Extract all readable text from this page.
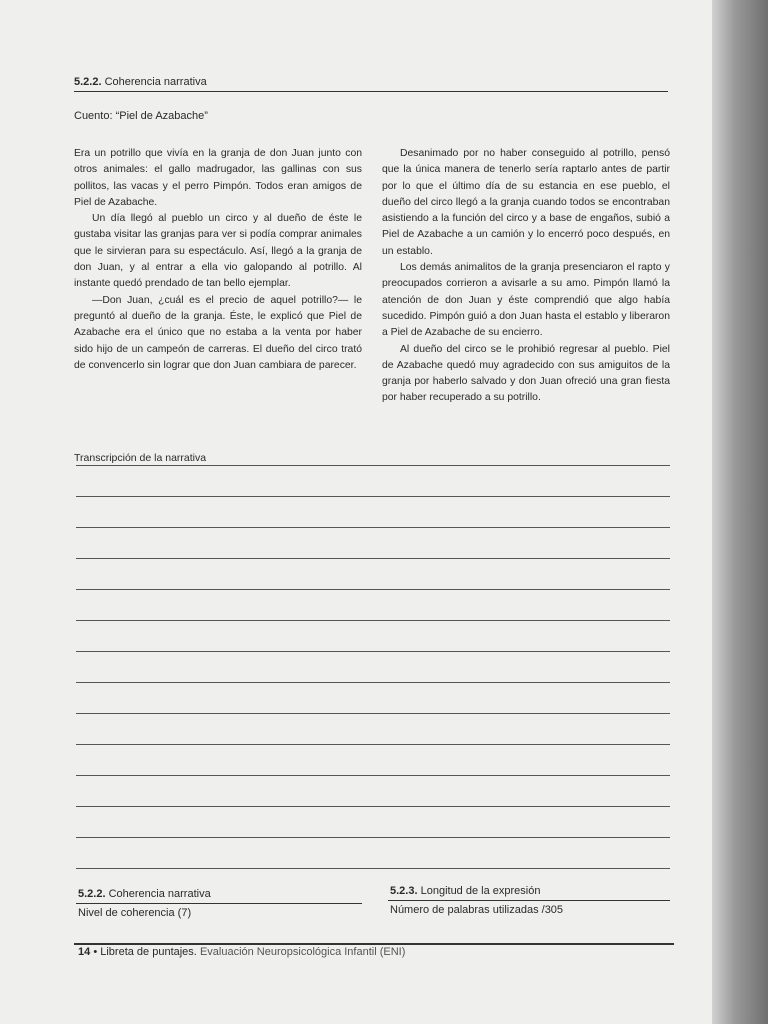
5.2.2. Coherencia narrativa
Cuento: “Piel de Azabache”

Era un potrillo que vivía en la granja de don Juan junto con otros animales: el gallo madrugador, las gallinas con sus pollitos, las vacas y el perro Pimpón. Todos eran amigos de Piel de Azabache.

Un día llegó al pueblo un circo y al dueño de éste le gustaba visitar las granjas para ver si podía comprar animales que le sirvieran para su espectáculo. Así, llegó a la granja de don Juan, y al entrar a ella vio galopando al potrillo. Al instante quedó prendado de tan bello ejemplar.

—Don Juan, ¿cuál es el precio de aquel potrillo?— le preguntó al dueño de la granja. Éste, le explicó que Piel de Azabache era el único que no estaba a la venta por haber sido hijo de un campeón de carreras. El dueño del circo trató de convencerlo sin lograr que don Juan cambiara de parecer.

Desanimado por no haber conseguido al potrillo, pensó que la única manera de tenerlo sería raptarlo antes de partir por lo que el último día de su estancia en ese pueblo, el dueño del circo llegó a la granja cuando todos se encontraban asistiendo a la función del circo y a base de engaños, subió a Piel de Azabache a un camión y lo encerró poco después, en un establo.

Los demás animalitos de la granja presenciaron el rapto y preocupados corrieron a avisarle a su amo. Pimpón llamó la atención de don Juan y éste comprendió que algo había sucedido. Pimpón guió a don Juan hasta el establo y liberaron a Piel de Azabache de su encierro.

Al dueño del circo se le prohibió regresar al pueblo. Piel de Azabache quedó muy agradecido con sus amiguitos de la granja por haberlo salvado y don Juan ofreció una gran fiesta por haber recuperado a su potrillo.

Transcripción de la narrativa
5.2.2. Coherencia narrativa
Nivel de coherencia (7)
5.2.3. Longitud de la expresión
Número de palabras utilizadas /305
14 • Libreta de puntajes. Evaluación Neuropsicológica Infantil (ENI)
